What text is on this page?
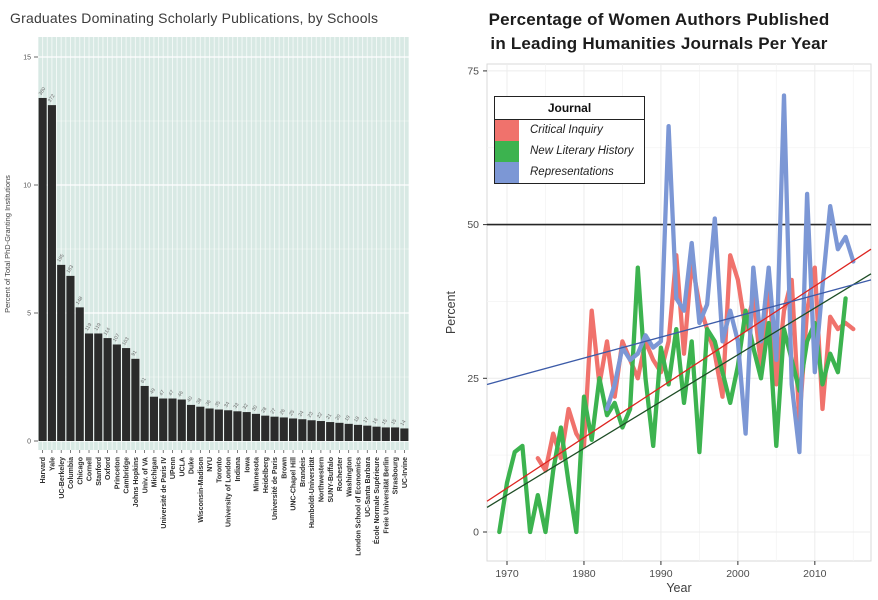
Graduates Dominating Scholarly Publications, by Schools
380
372
195
183
148
119 119 114
107 103
91
61
49 47 47 46
40 38 36 35 34 33 32 30 28 27 26 25 24 23 22 21 20 19 18 17 16 15 15 14
Harvard Yale UC-Berkeley Columbia Chicago Cornell Stanford Oxford Princeton Cambridge Johns Hopkins Univ. of VA Michigan Université de Paris IV UPenn UCLA Duke Wisconsin-Madison NYU Toronto University of London Indiana Iowa Minnesota Heidelberg Université de Paris Brown UNC-Chapel Hill Brandeis Humboldt-Universität Northwestern SUNY-Buffalo Rochester Washington London School of Economics UC-Santa Barbara École Normale Supérieure Freie Universität Berlin Strasbourg UC-Irvine
0
5
10
15
Percent of Total PhD-Granting Institutions
Percentage of Women Authors Published
in Leading Humanities Journals Per Year
1970	1980	1990	2000	2010
0
25
50
75
Year
Percent
Journal
Critical Inquiry
New Literary History
Representations
